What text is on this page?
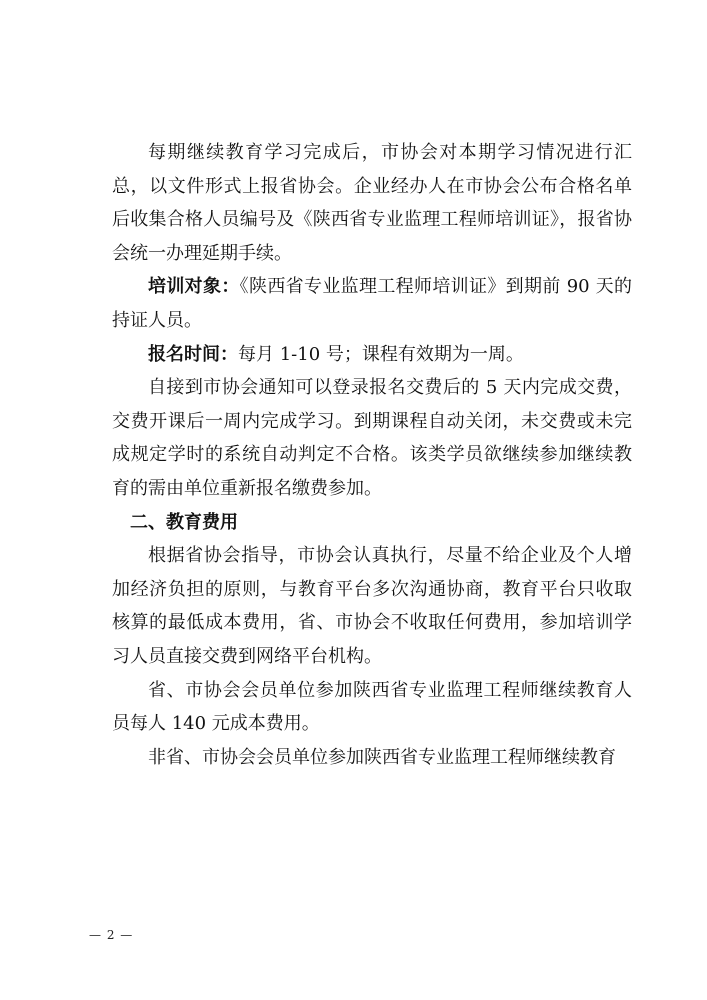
每期继续教育学习完成后，市协会对本期学习情况进行汇总，以文件形式上报省协会。企业经办人在市协会公布合格名单后收集合格人员编号及《陕西省专业监理工程师培训证》，报省协会统一办理延期手续。

培训对象：《陕西省专业监理工程师培训证》到期前 90 天的持证人员。

报名时间：每月 1-10 号；课程有效期为一周。

自接到市协会通知可以登录报名交费后的 5 天内完成交费，交费开课后一周内完成学习。到期课程自动关闭，未交费或未完成规定学时的系统自动判定不合格。该类学员欲继续参加继续教育的需由单位重新报名缴费参加。

二、教育费用

根据省协会指导，市协会认真执行，尽量不给企业及个人增加经济负担的原则，与教育平台多次沟通协商，教育平台只收取核算的最低成本费用，省、市协会不收取任何费用，参加培训学习人员直接交费到网络平台机构。

省、市协会会员单位参加陕西省专业监理工程师继续教育人员每人 140 元成本费用。

非省、市协会会员单位参加陕西省专业监理工程师继续教育

— 2 —
